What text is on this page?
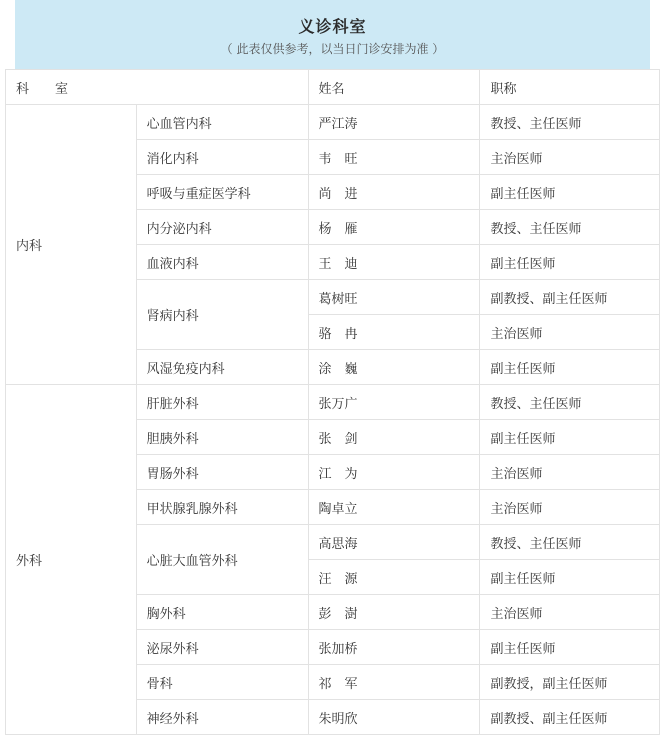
义诊科室
（ 此表仅供参考，以当日门诊安排为准 ）
科　　室		姓名	职称
内科	心血管内科	严江涛	教授、主任医师
	消化内科	韦　旺	主治医师
	呼吸与重症医学科	尚　进	副主任医师
	内分泌内科	杨　雁	教授、主任医师
	血液内科	王　迪	副主任医师
	肾病内科	葛树旺	副教授、副主任医师
		骆　冉	主治医师
	风湿免疫内科	涂　巍	副主任医师
外科	肝脏外科	张万广	教授、主任医师
	胆胰外科	张　剑	副主任医师
	胃肠外科	江　为	主治医师
	甲状腺乳腺外科	陶卓立	主治医师
	心脏大血管外科	高思海	教授、主任医师
		汪　源	副主任医师
	胸外科	彭　澍	主治医师
	泌尿外科	张加桥	副主任医师
	骨科	祁　军	副教授，副主任医师
	神经外科	朱明欣	副教授、副主任医师
